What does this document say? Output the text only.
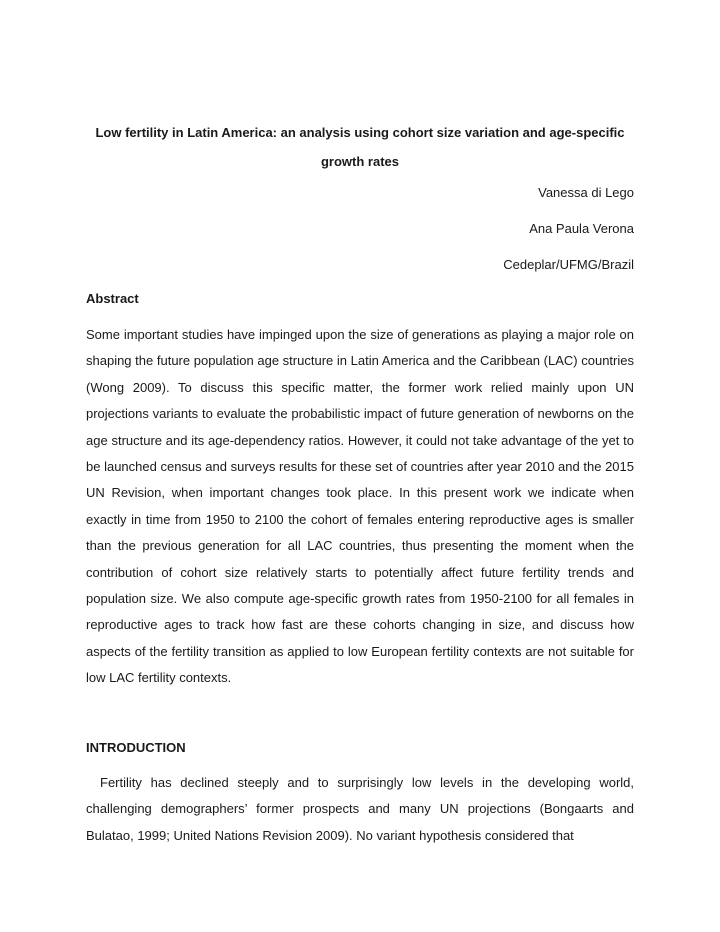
Low fertility in Latin America: an analysis using cohort size variation and age-specific growth rates

Vanessa di Lego

Ana Paula Verona

Cedeplar/UFMG/Brazil

Abstract

Some important studies have impinged upon the size of generations as playing a major role on shaping the future population age structure in Latin America and the Caribbean (LAC) countries (Wong 2009). To discuss this specific matter, the former work relied mainly upon UN projections variants to evaluate the probabilistic impact of future generation of newborns on the age structure and its age-dependency ratios. However, it could not take advantage of the yet to be launched census and surveys results for these set of countries after year 2010 and the 2015 UN Revision, when important changes took place. In this present work we indicate when exactly in time from 1950 to 2100 the cohort of females entering reproductive ages is smaller than the previous generation for all LAC countries, thus presenting the moment when the contribution of cohort size relatively starts to potentially affect future fertility trends and population size. We also compute age-specific growth rates from 1950-2100 for all females in reproductive ages to track how fast are these cohorts changing in size, and discuss how aspects of the fertility transition as applied to low European fertility contexts are not suitable for low LAC fertility contexts.

INTRODUCTION

Fertility has declined steeply and to surprisingly low levels in the developing world, challenging demographers’ former prospects and many UN projections (Bongaarts and Bulatao, 1999; United Nations Revision 2009). No variant hypothesis considered that
